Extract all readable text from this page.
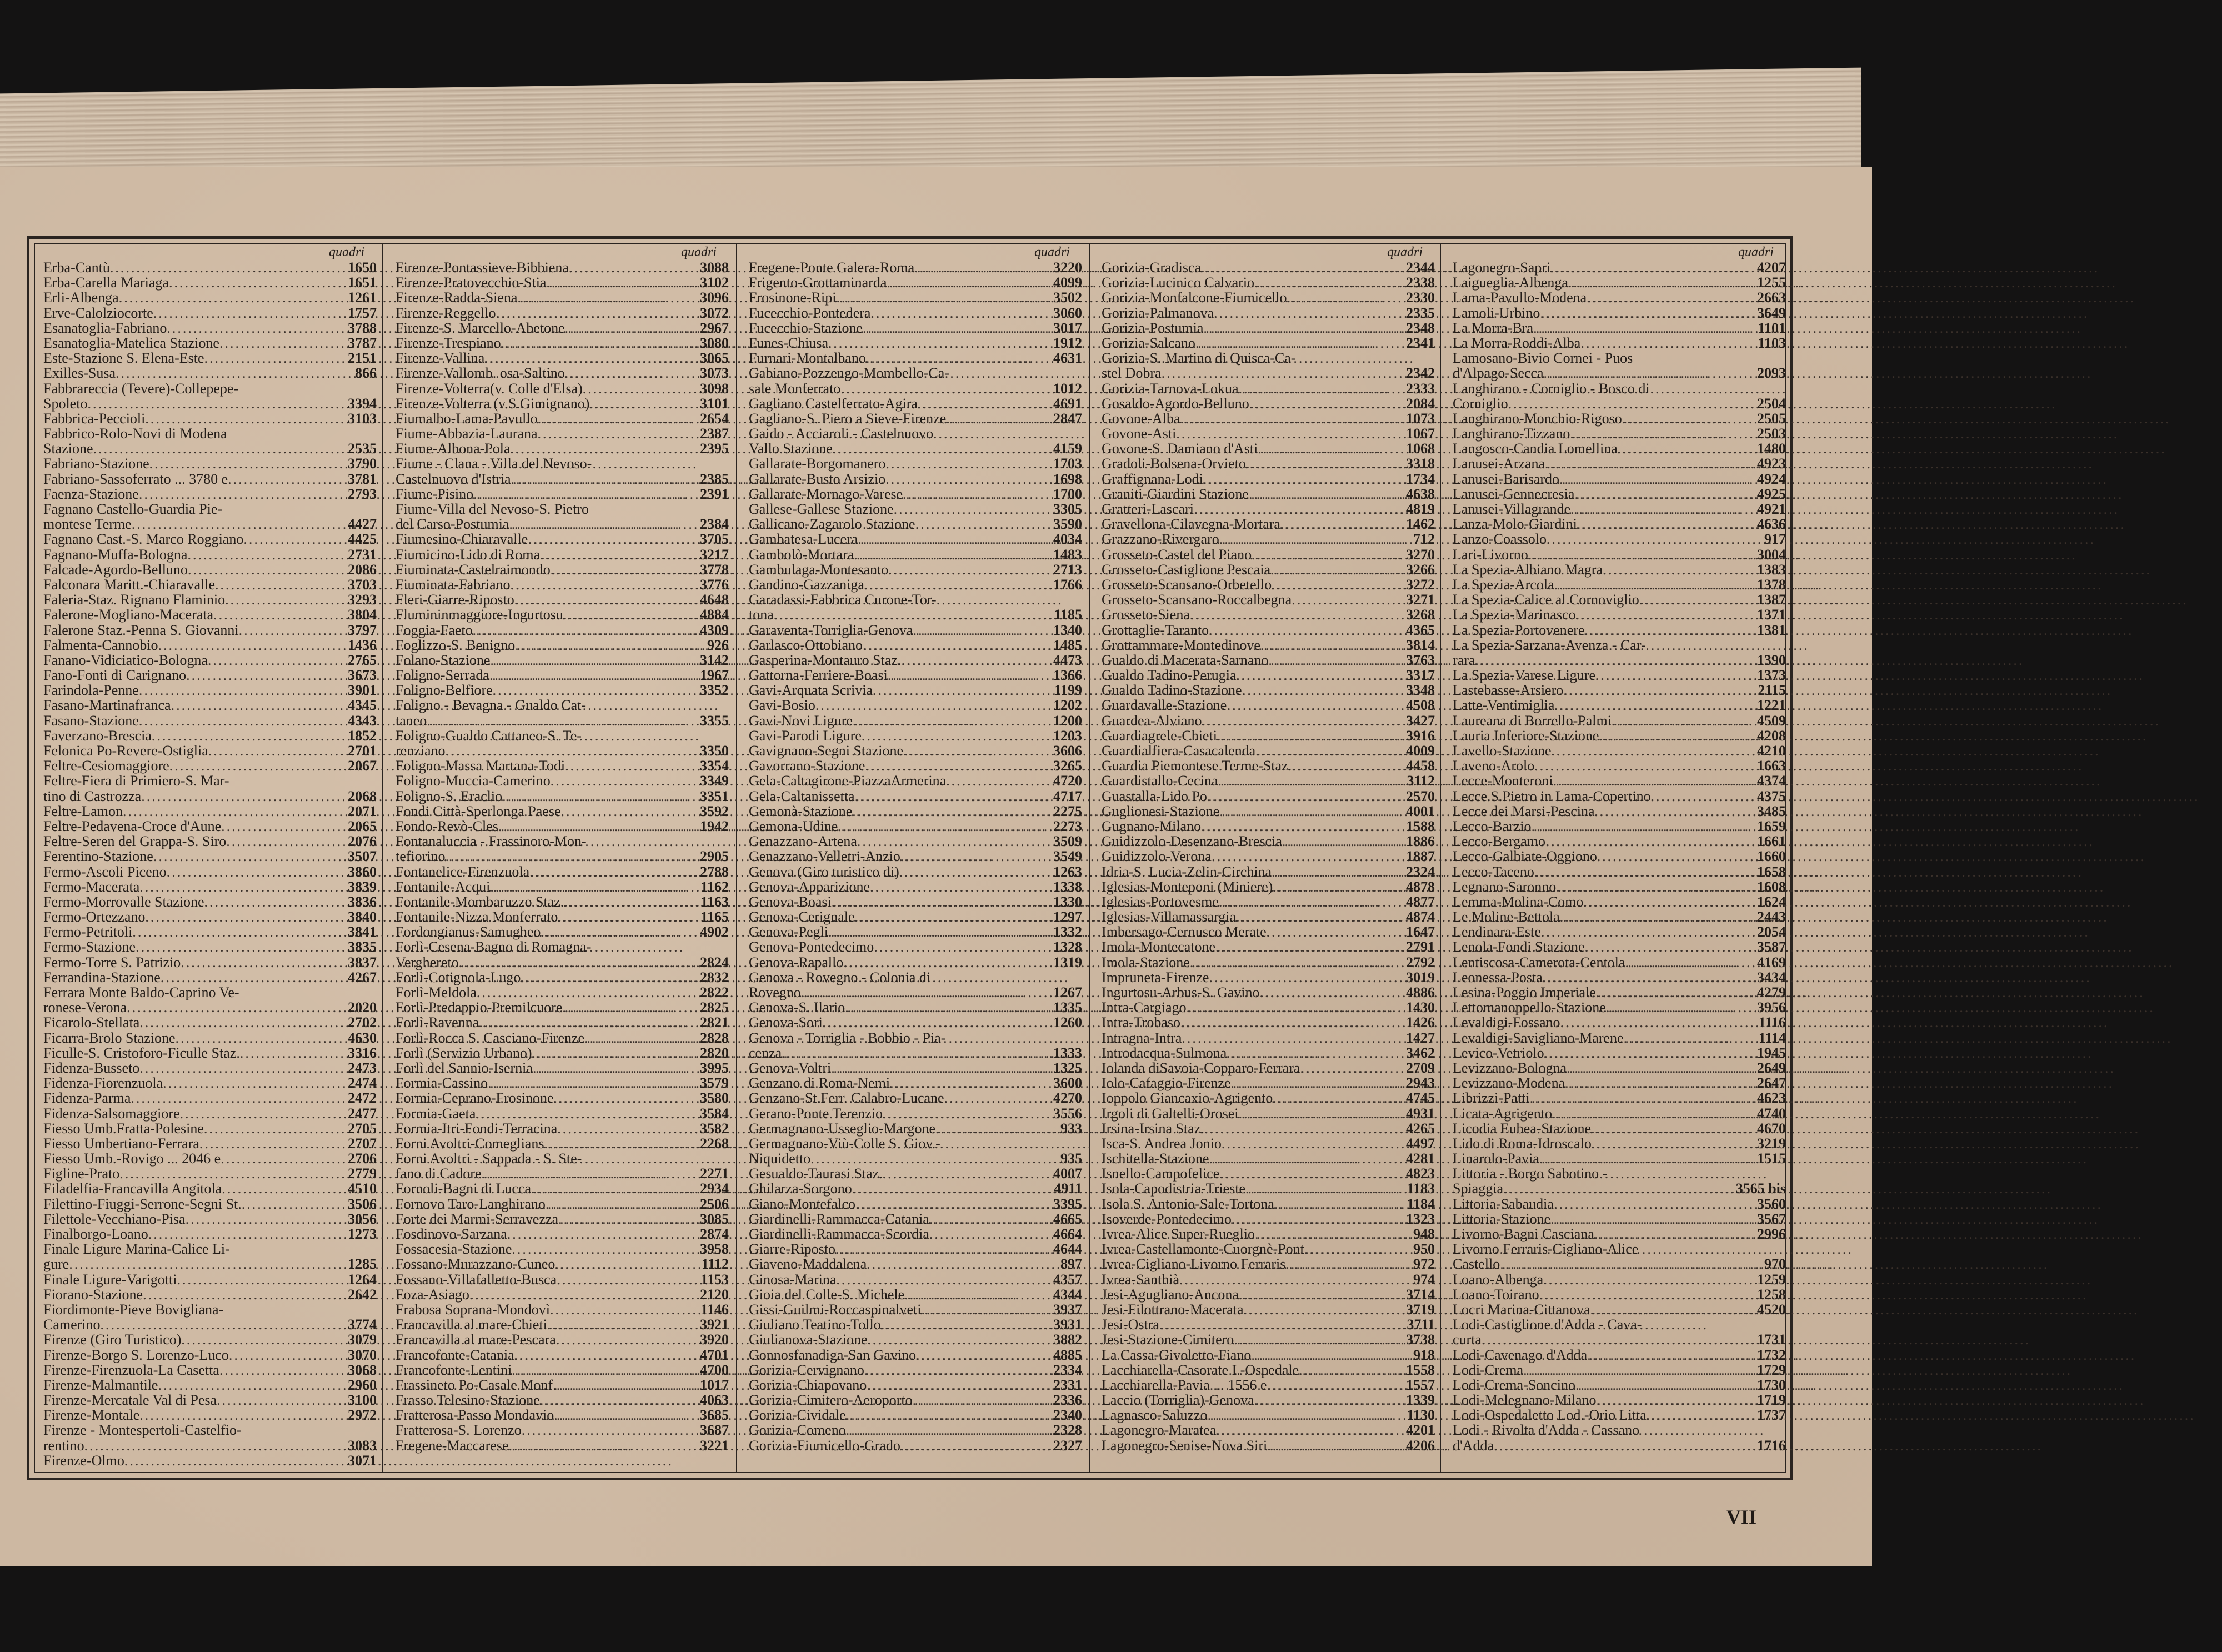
quadri
Erba-Cantù .....	1650
Erba-Carella Mariaga .....	1651
Erli-Albenga .....	1261
Erve-Calolziocorte .....	1757
Esanatoglia-Fabriano .....	3788
Esanatoglia-Matelica Stazione .....	3787
Este-Stazione S. Elena-Este .....	2151
Exilles-Susa .....	866
Fabbrareccia (Tevere)-Collepepe-
Spoleto .....	3394
Fabbrica-Peccioli .....	3103
Fabbrico-Rolo-Novi di Modena
Stazione .....	2535
Fabriano-Stazione .....	3790
Fabriano-Sassoferrato ... 3780 e .....	3781
Faenza-Stazione .....	2793
Fagnano Castello-Guardia Pie-
montese Terme .....	4427
Fagnano Cast.-S. Marco Roggiano .....	4425
Fagnano-Muffa-Bologna .....	2731
Falcade-Agordo-Belluno .....	2086
Falconara Maritt.-Chiaravalle .....	3703
Faleria-Staz. Rignano Flaminio .....	3293
Falerone-Mogliano-Macerata .....	3804
Falerone Staz.-Penna S. Giovanni .....	3797
Falmenta-Cannobio .....	1436
Fanano-Vidiciatico-Bologna .....	2765
Fano-Fonti di Carignano .....	3673
Farindola-Penne .....	3901
Fasano-Martinafranca .....	4345
Fasano-Stazione .....	4343
Faverzano-Brescia .....	1852
Felonica Po-Revere-Ostiglia .....	2701
Feltre-Cesiomaggiore .....	2067
Feltre-Fiera di Primiero-S. Mar-
tino di Castrozza .....	2068
Feltre-Lamon .....	2071
Feltre-Pedavena-Croce d'Aune .....	2065
Feltre-Seren del Grappa-S. Siro .....	2076
Ferentino-Stazione .....	3507
Fermo-Ascoli Piceno .....	3860
Fermo-Macerata .....	3839
Fermo-Morrovalle Stazione .....	3836
Fermo-Ortezzano .....	3840
Fermo-Petritoli .....	3841
Fermo-Stazione .....	3835
Fermo-Torre S. Patrizio .....	3837
Ferrandina-Stazione .....	4267
Ferrara Monte Baldo-Caprino Ve-
ronese-Verona .....	2020
Ficarolo-Stellata .....	2702
Ficarra-Brolo Stazione .....	4630
Ficulle-S. Cristoforo-Ficulle Staz. .....	3316
Fidenza-Busseto .....	2473
Fidenza-Fiorenzuola .....	2474
Fidenza-Parma .....	2472
Fidenza-Salsomaggiore .....	2477
Fiesso Umb.Fratta-Polesine .....	2705
Fiesso Umbertiano-Ferrara .....	2707
Fiesso Umb.-Rovigo ... 2046 e .....	2706
Figline-Prato .....	2779
Filadelfia-Francavilla Angitola .....	4510
Filettino-Fiuggi-Serrone-Segni St. .....	3506
Filettole-Vecchiano-Pisa .....	3056
Finalborgo-Loano .....	1273
Finale Ligure Marina-Calice Li-
gure .....	1285
Finale Ligure-Varigotti .....	1264
Fiorano-Stazione .....	2642
Fiordimonte-Pieve Bovigliana-
Camerino .....	3774
Firenze (Giro Turistico) .....	3079
Firenze-Borgo S. Lorenzo-Luco .....	3070
Firenze-Firenzuola-La Casetta .....	3068
Firenze-Malmantile .....	2960
Firenze-Mercatale Val di Pesa .....	3100
Firenze-Montale .....	2972
Firenze - Montespertoli-Castelfio-
rentino .....	3083
Firenze-Olmo .....	3071
quadri
Firenze-Pontassieve-Bibbiena .....	3088
Firenze-Pratovecchio-Stia .....	3102
Firenze-Radda-Siena .....	3096
Firenze-Reggello .....	3072
Firenze-S. Marcello-Abetone .....	2967
Firenze-Trespiano .....	3080
Firenze-Vallina .....	3065
Firenze-Vallomb. osa-Saltino .....	3073
Firenze-Volterra(v. Colle d'Elsa) .....	3098
Firenze-Volterra (v.S.Gimignano) .....	3101
Fiumalbo-Lama-Pavullo .....	2654
Fiume-Abbazia-Laurana .....	2387
Fiume-Albona-Pola .....	2395
Fiume - Clana - Villa del Nevoso-
Castelnuovo d'Istria .....	2385
Fiume-Pisino .....	2391
Fiume-Villa del Nevoso-S. Pietro
del Carso-Postumia .....	2384
Fiumesino-Chiaravalle .....	3705
Fiumicino-Lido di Roma .....	3217
Fiuminata-Castelraimondo .....	3778
Fiuminata-Fabriano .....	3776
Fleri-Giarre-Riposto .....	4648
Flumininmaggiore-Ingurtosu .....	4884
Foggia-Faeto .....	4309
Foglizzo-S. Benigno .....	926
Folano-Stazione .....	3142
Foligno-Serrada .....	1967
Foligno-Belfiore .....	3352
Foligno - Bevagna - Gualdo Cat-
taneo .....	3355
Foligno-Gualdo Cattaneo-S. Te-
renziano .....	3350
Foligno-Massa Martana-Todi .....	3354
Foligno-Muccia-Camerino .....	3349
Foligno-S. Eraclio .....	3351
Fondi Città-Sperlonga Paese .....	3592
Fondo-Revò-Cles .....	1942
Fontanaluccia - Frassinoro-Mon-
tefiorino .....	2905
Fontanelice-Firenzuola .....	2788
Fontanile-Acqui .....	1162
Fontanile-Mombaruzzo Staz. .....	1163
Fontanile-Nizza Monferrato .....	1165
Fordongianus-Samugheo .....	4902
Forlì-Cesena-Bagno di Romagna-
Verghereto .....	2824
Forlì-Cotignola-Lugo .....	2832
Forlì-Meldola .....	2822
Forlì-Predappio-Premilcuore .....	2825
Forlì-Ravenna .....	2821
Forlì-Rocca S. Casciano-Firenze .....	2828
Forlì (Servizio Urbano) .....	2820
Forlì del Sannio-Isernia .....	3995
Formia-Cassino .....	3579
Formia-Ceprano-Frosinone .....	3580
Formia-Gaeta .....	3584
Formia-Itri-Fondi-Terracina .....	3582
Forni Avoltri-Comeglians .....	2268
Forni Avoltri - Sappada - S. Ste-
fano di Cadore .....	2271
Fornoli-Bagni di Lucca .....	2934
Fornovo Taro-Langhirano .....	2506
Forte dei Marmi-Serravezza .....	3085
Fosdinovo-Sarzana .....	2874
Fossacesia-Stazione .....	3958
Fossano-Murazzano-Cuneo .....	1112
Fossano-Villafalletto-Busca .....	1153
Foza-Asiago .....	2120
Frabosa Soprana-Mondovì .....	1146
Francavilla al mare-Chieti .....	3921
Francavilla al mare-Pescara .....	3920
Francofonte-Catania .....	4701
Francofonte-Lentini .....	4700
Frassineto Po-Casale Monf. .....	1017
Frasso Telesino-Stazione .....	4063
Fratterosa-Passo Mondavio .....	3685
Fratterosa-S. Lorenzo .....	3687
Fregene-Maccarese .....	3221
quadri
Fregene-Ponte Galera-Roma .....	3220
Frigento-Grottaminarda .....	4099
Frosinone-Ripi .....	3502
Fucecchio-Pontedera .....	3060
Fucecchio-Stazione .....	3017
Funes-Chiusa .....	1912
Furnari-Montalbano .....	4631
Gabiano-Pozzengo-Mombello-Ca-
sale Monferrato .....	1012
Gagliano Castelferrato-Agira .....	4691
Gagliano-S. Piero a Sieve-Firenze .....	2847
Gaido - Acciaroli - Castelnuovo
Vallo Stazione .....	4159
Gallarate-Borgomanero .....	1703
Gallarate-Busto Arsizio .....	1698
Gallarate-Mornago-Varese .....	1700
Gallese-Gallese Stazione .....	3305
Gallicano-Zagarolo Stazione .....	3590
Gambatesa-Lucera .....	4034
Gambolò-Mortara .....	1483
Gambulaga-Montesanto .....	2713
Gandino-Gazzaniga .....	1766
Garadassi-Fabbrica Curone-Tor-
tona .....	1185
Garaventa-Torriglia-Genova .....	1340
Garlasco-Ottobiano .....	1485
Gasperina-Montauro Staz. .....	4473
Gattorna-Ferriere-Boasi .....	1366
Gavi-Arquata Scrivia .....	1199
Gavi-Bosio .....	1202
Gavi-Novi Ligure .....	1200
Gavi-Parodi Ligure .....	1203
Gavignano-Segni Stazione .....	3606
Gavorrano-Stazione .....	3265
Gela-Caltagirone-PiazzaArmerina .....	4720
Gela-Caltanissetta .....	4717
Gemonà-Stazione .....	2275
Gemona-Udine .....	2273
Genazzano-Artena .....	3509
Genazzano-Velletri-Anzio .....	3549
Genova (Giro turistico di) .....	1263
Genova-Apparizione .....	1338
Genova-Boasi .....	1330
Genova-Cerignale .....	1297
Genova-Pegli .....	1332
Genova-Pontedecimo .....	1328
Genova-Rapallo .....	1319
Genova - Rovegno - Colonia di
Rovegno .....	1267
Genova-S. Ilario .....	1335
Genova-Sori .....	1260
Genova - Torriglia - Bobbio - Pia-
cenza .....	1333
Genova-Voltri .....	1325
Genzano di Roma-Nemi .....	3600
Genzano-St.Ferr. Calabro-Lucane .....	4270
Gerano-Ponte Terenzio .....	3556
Germagnano-Usseglio-Margone .....	933
Germagnano-Viù-Colle S. Giov.-
Niquidetto .....	935
Gesualdo-Taurasi Staz. .....	4007
Ghilarza-Sorgono .....	4911
Giano-Montefalco .....	3395
Giardinelli-Rammacca-Catania .....	4665
Giardinelli-Rammacca-Scordia .....	4664
Giarre-Riposto .....	4644
Giaveno-Maddalena .....	897
Ginosa-Marina .....	4357
Gioia del Colle-S. Michele .....	4344
Gissi-Guilmi-Roccaspinalveti .....	3937
Giuliano Teatino-Tollo .....	3931
Giulianova-Stazione .....	3882
Gonnosfanadiga-San Gavino .....	4885
Gorizia-Cervignano .....	2334
Gorizia-Chiapovano .....	2331
Gorizia-Cimitero-Aeroporto .....	2336
Gorizia-Cividale .....	2340
Gorizia-Comeno .....	2328
Gorizia-Fiumicello-Grado .....	2327
quadri
Gorizia-Gradisca .....	2344
Gorizia-Lucinico Calvario .....	2338
Gorizia-Monfalcone-Fiumicello .....	2330
Gorizia-Palmanova .....	2335
Gorizia-Postumia .....	2348
Gorizia-Salcano .....	2341
Gorizia-S. Martino di Quisca-Ca-
stel Dobra .....	2342
Gorizia-Tarnova-Lokua .....	2333
Gosaldo-Agordo-Belluno .....	2084
Govone-Alba .....	1073
Govone-Asti .....	1067
Govone-S. Damiano d'Asti .....	1068
Gradoli-Bolsena-Orvieto .....	3318
Graffignana-Lodi .....	1734
Graniti-Giardini Stazione .....	4638
Gratteri-Lascari .....	4819
Gravellona-Cilavegna-Mortara .....	1462
Grazzano-Rivergaro .....	712
Grosseto-Castel del Piano .....	3270
Grosseto-Castiglione Pescaia .....	3266
Grosseto-Scansano-Orbetello .....	3272
Grosseto-Scansano-Roccalbegna .....	3271
Grosseto-Siena .....	3268
Grottaglie-Taranto .....	4365
Grottammare-Montedinove .....	3814
Gualdo di Macerata-Sarnano .....	3763
Gualdo Tadino-Perugia .....	3317
Gualdo Tadino-Stazione .....	3348
Guardavalle-Stazione .....	4508
Guardea-Alviano .....	3427
Guardiagrele-Chieti .....	3916
Guardialfiera-Casacalenda .....	4009
Guardia Piemontese Terme-Staz. .....	4458
Guardistallo-Cecina .....	3112
Guastalla-Lido Po .....	2570
Guglionesi-Stazione .....	4001
Gugnano-Milano .....	1588
Guidizzolo-Desenzano-Brescia .....	1886
Guidizzolo-Verona .....	1887
Idria-S. Lucia-Zelin-Circhina .....	2324
Iglesias-Monteponi (Miniere) .....	4878
Iglesias-Portovesme .....	4877
Iglesias-Villamassargia .....	4874
Imbersago-Cernusco Merate .....	1647
Imola-Montecatone .....	2791
Imola-Stazione .....	2792
Impruneta-Firenze .....	3019
Ingurtosu-Arbus-S. Gavino .....	4886
Intra-Cargiago .....	1430
Intra-Trobaso .....	1426
Intragna-Intra .....	1427
Introdacqua-Sulmona .....	3462
Iolanda diSavoia-Copparo-Ferrara .....	2709
Iolo-Cafaggio-Firenze .....	2943
Ioppolo Giancaxio-Agrigento .....	4745
Irgoli di Galtelli-Orosei .....	4931
Irsina-Irsina Staz. .....	4265
Isca-S. Andrea Jonio .....	4497
Ischitella-Stazione .....	4281
Isnello-Campofelice .....	4823
Isola-Capodistria-Trieste .....	1183
Isola S. Antonio-Sale-Tortona .....	1184
Isoverde-Pontedecimo .....	1323
Ivrea-Alice Super-Rueglio .....	948
Ivrea-Castellamonte-Cuorgnè-Pont .....	950
Ivrea-Cigliano-Livorno Ferraris .....	972
Ivrea-Santhià .....	974
Jesi-Agugliano-Ancona .....	3714
Jesi-Filottrano-Macerata .....	3719
Jesi-Ostra .....	3711
Jesi-Stazione-Cimitero .....	3738
La Cassa-Givoletto-Fiano .....	918
Lacchiarella-Casorate I.-Ospedale .....	1558
Lacchiarella-Pavia ... 1556 e .....	1557
Laccio (Torriglia)-Genova .....	1339
Lagnasco-Saluzzo .....	1130
Lagonegro-Maratea .....	4201
Lagonegro-Senise-Nova Siri .....	4206
quadri
Lagonegro-Sapri .....	4207
Laigueglia-Albenga .....	1255
Lama-Pavullo-Modena .....	2663
Lamoli-Urbino .....	3649
La Morra-Bra .....	1101
La Morra-Roddi-Alba .....	1103
Lamosano-Bivio Cornei - Puos
d'Alpago-Secca .....	2093
Langhirano - Corniglio - Bosco di
Corniglio .....	2504
Langhirano-Monchio-Rigoso .....	2505
Langhirano-Tizzano .....	2503
Langosco-Candia Lomellina .....	1480
Lanusei-Arzana .....	4923
Lanusei-Barisardo .....	4924
Lanusei-Gennecresia .....	4925
Lanusei-Villagrande .....	4921
Lanza-Molo-Giardini .....	4636
Lanzo-Coassolo .....	917
Lari-Livorno .....	3004
La Spezia-Albiano Magra .....	1383
La Spezia-Arcola .....	1378
La Spezia-Calice al Cornoviglio .....	1387
La Spezia-Marinasco .....	1371
La Spezia-Portovenere .....	1381
La Spezia-Sarzana-Avenza - Car-
rara .....	1390
La Spezia-Varese Ligure .....	1373
Lastebasse-Arsiero .....	2115
Latte-Ventimiglia .....	1221
Laureana di Borrello-Palmi .....	4509
Lauria Inferiore-Stazione .....	4208
Lavello-Stazione .....	4210
Laveno-Arolo .....	1663
Lecce-Monteroni .....	4374
Lecce.S.Pietro in Lama-Copertino .....	4375
Lecce dei Marsi-Pescina .....	3485
Lecco-Barzio .....	1659
Lecco-Bergamo .....	1661
Lecco-Galbiate-Oggiono .....	1660
Lecco-Taceno .....	1658
Legnano-Saronno .....	1608
Lemma-Molina-Como .....	1624
Le Moline-Bettola .....	2443
Lendinara-Este .....	2054
Lenola-Fondi Stazione .....	3587
Lentiscosa-Camerota-Centola .....	4169
Leonessa-Posta .....	3434
Lesina-Poggio Imperiale .....	4279
Lettomanoppello-Stazione .....	3956
Levaldigi-Fossano .....	1116
Levaldigi-Savigliano-Marene .....	1114
Levico-Vetriolo .....	1945
Levizzano-Bologna .....	2649
Levizzano-Modena .....	2647
Librizzi-Patti .....	4623
Licata-Agrigento .....	4740
Licodia Eubea-Stazione .....	4670
Lido di Roma-Idroscalo .....	3219
Linarolo-Pavia .....	1515
Littoria - Borgo Sabotino -
Spiaggia .....	3565 bis
Littoria-Sabaudia .....	3560
Littoria-Stazione .....	3567
Livorno-Bagni Casciana .....	2996
Livorno Ferraris-Cigliano-Alice
Castello .....	970
Loano-Albenga .....	1259
Loano-Toirano .....	1258
Locri Marina-Cittanova .....	4520
Lodi-Castiglione d'Adda - Cava-
curta .....	1731
Lodi-Cavenago d'Adda .....	1732
Lodi-Crema .....	1729
Lodi-Crema-Soncino .....	1730
Lodi-Melegnano-Milano .....	1719
Lodi-Ospedaletto Lod.-Orio Litta .....	1737
Lodi - Rivolta d'Adda - Cassano
d'Adda .....	1716
VII
